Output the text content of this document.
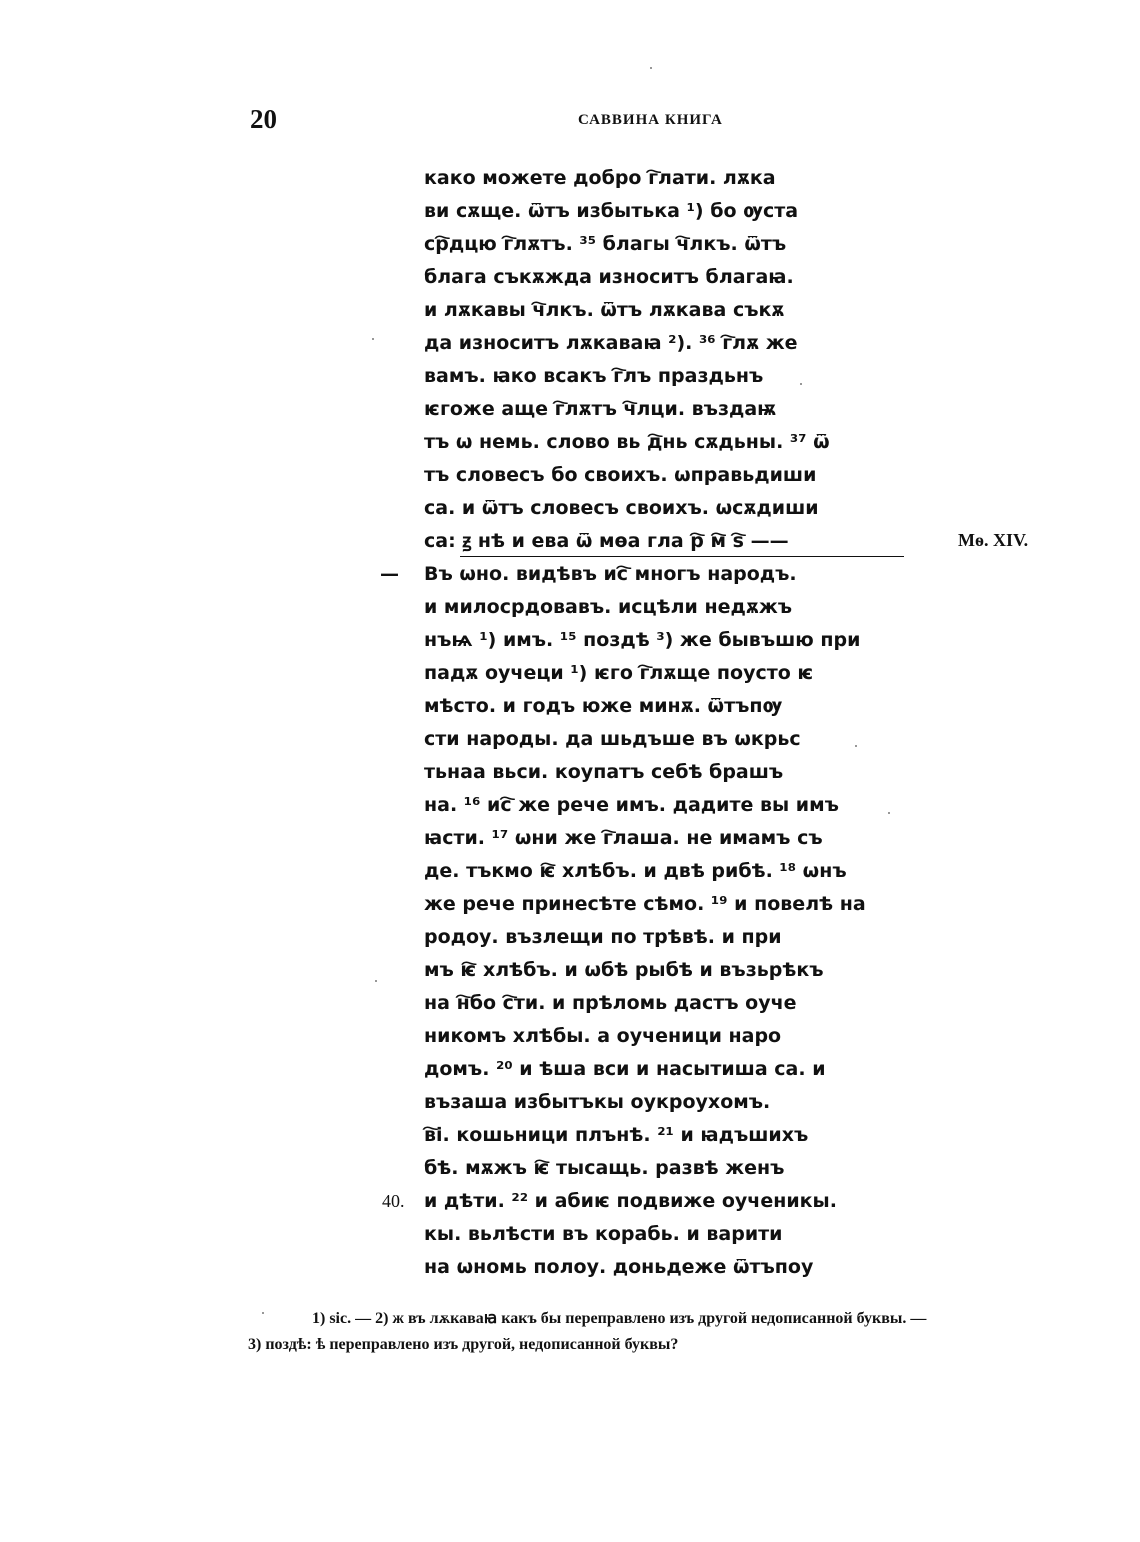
20	САВВИНА КНИГА
Mѳ. XIV.
како можете добро г҇лати. лѫка
ви сѫще. ѿтъ избытька ¹) бо ѹста
ср҇дцю г҇лѫтъ. ³⁵ благы ч҇лкъ. ѿтъ
блага съкѫжда износитъ благаꙗ.
и лѫкавы ч҇лкъ. ѿтъ лѫкава съкѫ
да износитъ лѫкаваꙗ ²). ³⁶ г҇лѫ же
вамъ. ꙗко всакъ г҇лъ праздьнъ
ѥгоже аще г҇лѫтъ ч҇лци. въздаѭ
тъ ѡ немь. слово вь д҇нь сѫдьны. ³⁷ ѿ
тъ словесъ бо своихъ. ѡправьдиши
са. и ѿтъ словесъ своихъ. ѡсѫдиши
са: ꙃ нѣ и ева ѿ мѳа гла р҇ м҇ ѕ҇ ——
— Въ ѡно. видѣвъ ис҇ многъ народъ.
и милосрдовавъ. исцѣли недѫжъ
нъѩ ¹) имъ. ¹⁵ поздѣ ³) же бывъшю при
падѫ оучеци ¹) ѥго г҇лѫще поусто ѥ
мѣсто. и годъ юже минѫ. ѿтъпѹ
сти народы. да шьдъше въ ѡкрьс
тьнаа вьси. коупатъ себѣ брашъ
на. ¹⁶ ис҇ же рече имъ. дадите вы имъ
ꙗсти. ¹⁷ ѡни же г҇лаша. не имамъ съ
де. тъкмо ѥ҇ хлѣбъ. и двѣ рибѣ. ¹⁸ ѡнъ
же рече принесѣте сѣмо. ¹⁹ и повелѣ на
родоу. възлещи по трѣвѣ. и при
мъ ѥ҇ хлѣбъ. и ѡбѣ рыбѣ и възьрѣкъ
на н҇бо с҇ти. и прѣломь дастъ оуче
никомъ хлѣбы. а оученици наро
домъ. ²⁰ и ѣша вси и насытиша са. и
възаша избытъкы оукроухомъ.
в҇і. кошьници плънѣ. ²¹ и ꙗдъшихъ
бѣ. мѫжъ ѥ҇ тысащь. развѣ женъ
40. и дѣти. ²² и абиѥ подвиже оученикы.
кы. вьлѣсти въ корабь. и варити
на ѡномь полоу. доньдеже ѿтъпоу
1) sic. — 2) ж въ лѫкаваꙗ какъ бы переправлено изъ другой недописанной буквы. —
3) поздѣ: ѣ переправлено изъ другой, недописанной буквы?
